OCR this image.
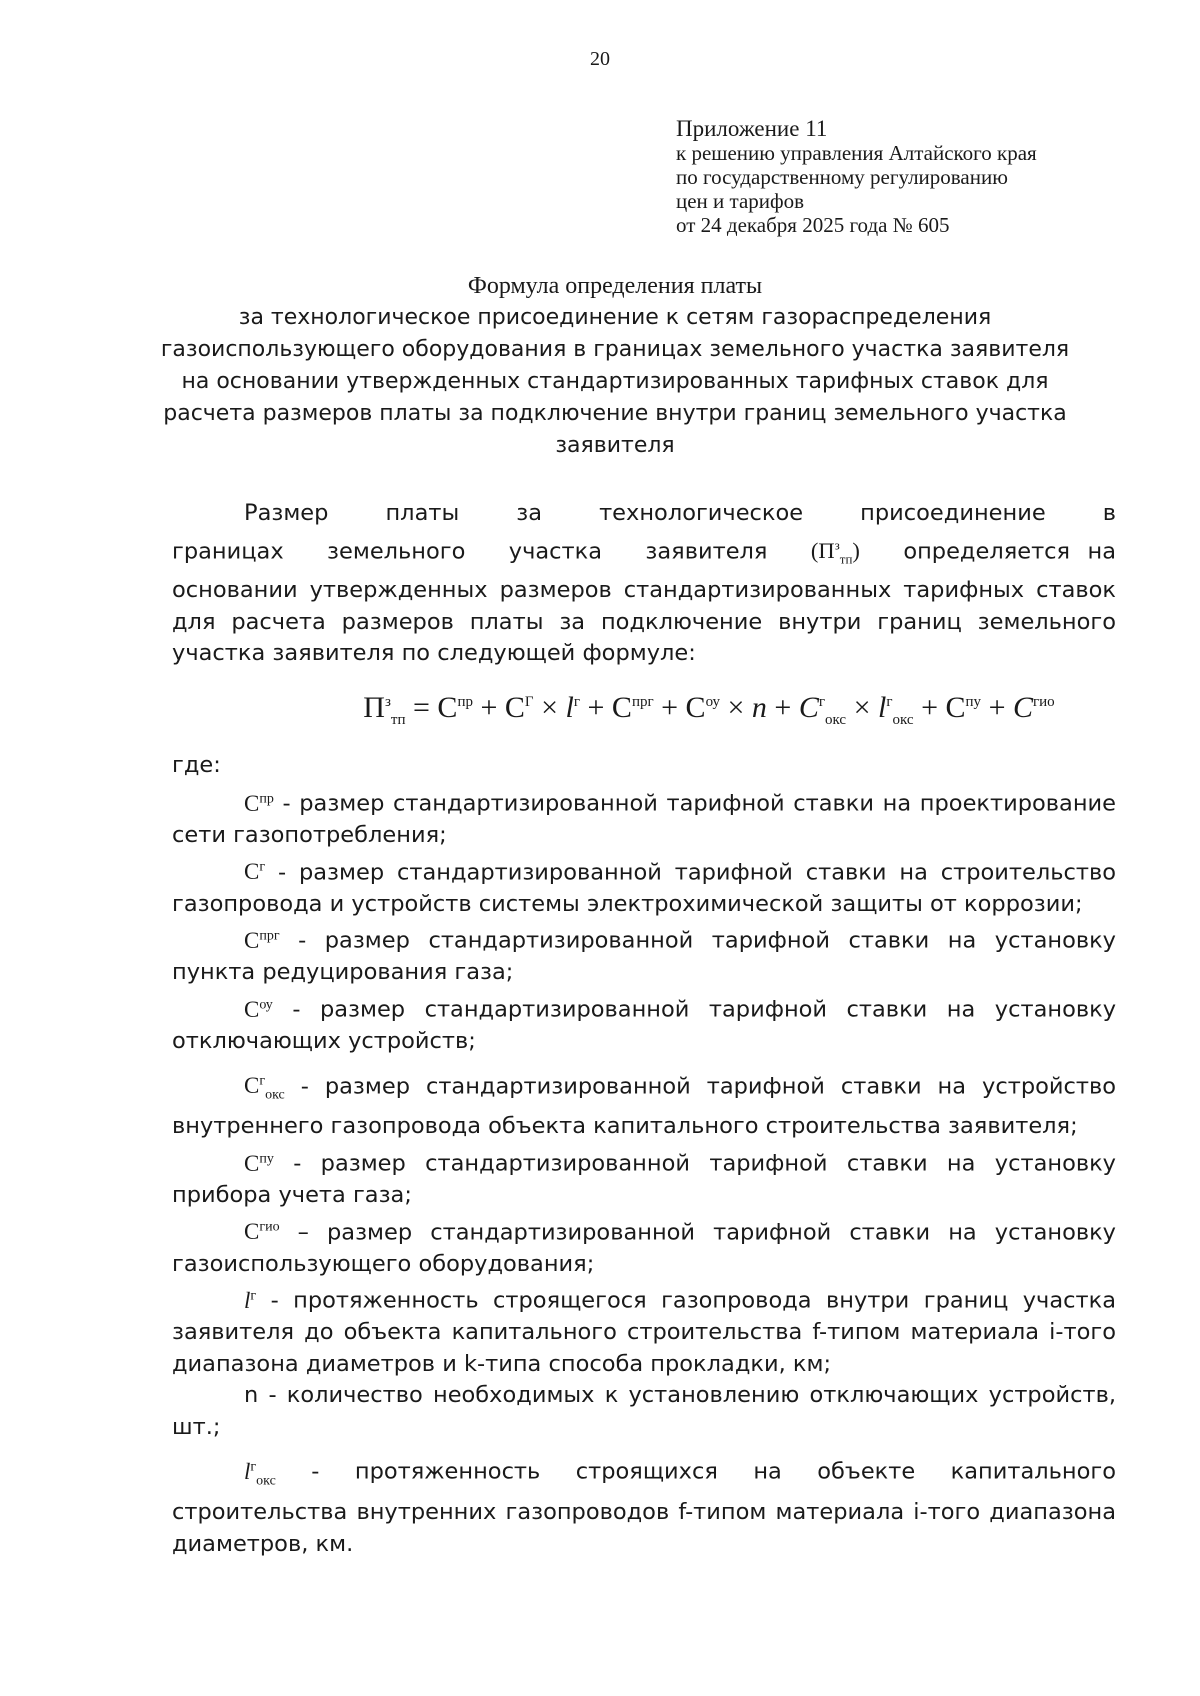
20
Приложение 11
к решению управления Алтайского края
по государственному регулированию
цен и тарифов
от 24 декабря 2025 года № 605
Формула определения платы
за технологическое присоединение к сетям газораспределения
газоиспользующего оборудования в границах земельного участка заявителя
на основании утвержденных стандартизированных тарифных ставок для
расчета размеров платы за подключение внутри границ земельного участка
заявителя

Размер платы за технологическое присоединение в границах земельного участка заявителя $(П^з_{тп})$ определяется на основании утвержденных размеров стандартизированных тарифных ставок для расчета размеров платы за подключение внутри границ земельного участка заявителя по следующей формуле:

$П^з_{тп} = С^{пр} + С^Г \times l^г + С^{прг} + С^{оу} \times n + C^г_{окс} \times l^г_{окс} + С^{пу} + C^{гио}$

где:

$С^{пр}$ - размер стандартизированной тарифной ставки на проектирование сети газопотребления;

$С^г$ - размер стандартизированной тарифной ставки на строительство газопровода и устройств системы электрохимической защиты от коррозии;

$С^{прг}$ - размер стандартизированной тарифной ставки на установку пункта редуцирования газа;

$С^{оу}$ - размер стандартизированной тарифной ставки на установку отключающих устройств;

$С^г_{окс}$ - размер стандартизированной тарифной ставки на устройство внутреннего газопровода объекта капитального строительства заявителя;

$С^{пу}$ - размер стандартизированной тарифной ставки на установку прибора учета газа;

$С^{гио}$ – размер стандартизированной тарифной ставки на установку газоиспользующего оборудования;

$l^г$ - протяженность строящегося газопровода внутри границ участка заявителя до объекта капитального строительства f-типом материала i-того диапазона диаметров и k-типа способа прокладки, км;

n - количество необходимых к установлению отключающих устройств, шт.;

$l^г_{окс}$ - протяженность строящихся на объекте капитального строительства внутренних газопроводов f-типом материала i-того диапазона диаметров, км.
